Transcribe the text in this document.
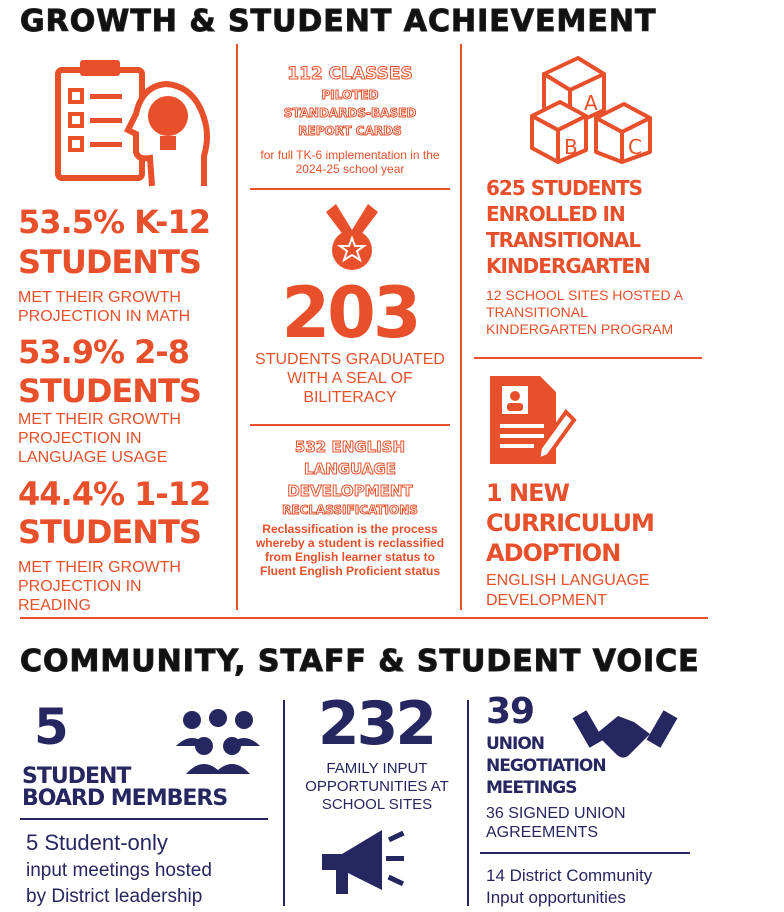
GROWTH & STUDENT ACHIEVEMENT
53.5% K-12
STUDENTS
MET THEIR GROWTH PROJECTION IN MATH
53.9% 2-8
STUDENTS
MET THEIR GROWTH PROJECTION IN LANGUAGE USAGE
44.4% 1-12
STUDENTS
MET THEIR GROWTH PROJECTION IN READING
112 CLASSES
PILOTED
STANDARDS-BASED
REPORT CARDS
for full TK-6 implementation in the 2024-25 school year
203
STUDENTS GRADUATED WITH A SEAL OF BILITERACY
532 ENGLISH
LANGUAGE
DEVELOPMENT
RECLASSIFICATIONS
Reclassification is the process whereby a student is reclassified from English learner status to Fluent English Proficient status
A
B	C
625 STUDENTS
ENROLLED IN
TRANSITIONAL
KINDERGARTEN
12 SCHOOL SITES HOSTED A TRANSITIONAL KINDERGARTEN PROGRAM
1 NEW
CURRICULUM
ADOPTION
ENGLISH LANGUAGE DEVELOPMENT
COMMUNITY, STAFF & STUDENT VOICE
5
STUDENT
BOARD MEMBERS
5 Student-only
input meetings hosted
by District leadership
232
FAMILY INPUT OPPORTUNITIES AT SCHOOL SITES
39
UNION
NEGOTIATION
MEETINGS
36 SIGNED UNION AGREEMENTS
14 District Community
Input opportunities
